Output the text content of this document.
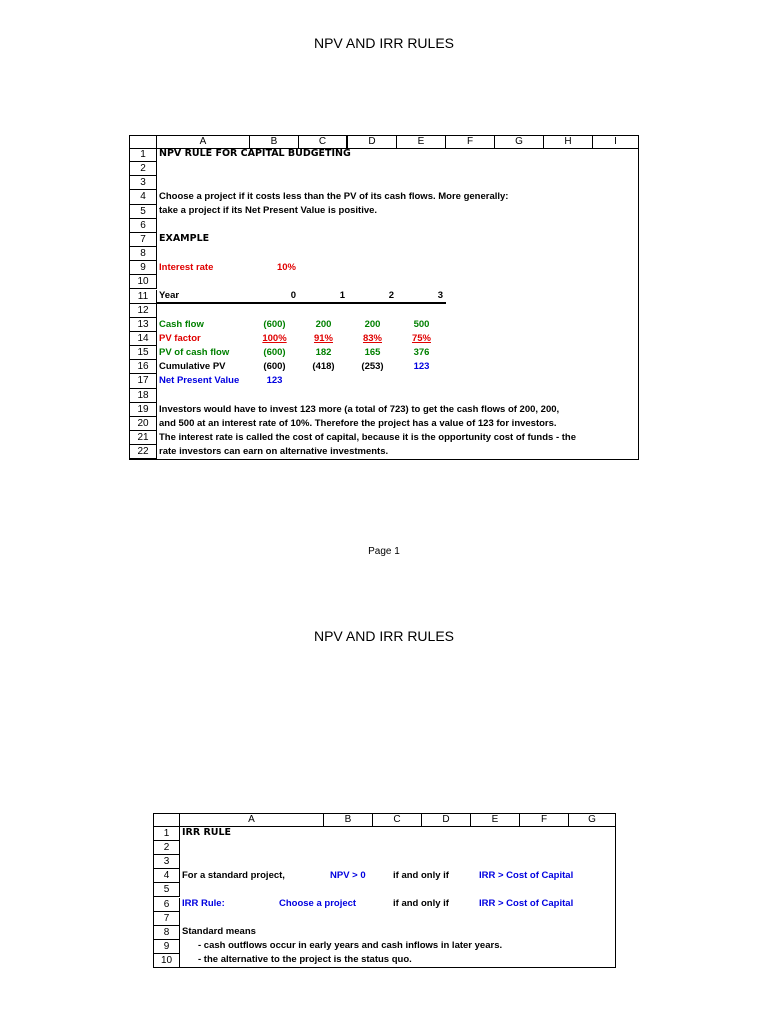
NPV AND IRR RULES
A	B	C	D	E	F	G	H	I
1
2
3
4
5
6
7
8
9
10
11
12
13
14
15
16
17
18
19
20
21
22
NPV RULE FOR CAPITAL BUDGETING
Choose a project if it costs less than the PV of its cash flows. More generally:
take a project if its Net Present Value is positive.
EXAMPLE
Interest rate	10%
Year	0	1	2	3
Cash flow	(600)	200	200	500
PV factor	100%	91%	83%	75%
PV of cash flow	(600)	182	165	376
Cumulative PV	(600)	(418)	(253)	123
Net Present Value	123
Investors would have to invest 123 more (a total of 723) to get the cash flows of 200, 200,
and 500 at an interest rate of 10%. Therefore the project has a value of 123 for investors.
The interest rate is called the cost of capital, because it is the opportunity cost of funds - the
rate investors can earn on alternative investments.
Page 1
NPV AND IRR RULES
A	B	C	D	E	F	G
1
2
3
4
5
6
7
8
9
10
IRR RULE
For a standard project,	NPV > 0	if and only if	IRR > Cost of Capital
IRR Rule:	Choose a project	if and only if	IRR > Cost of Capital
Standard means
- cash outflows occur in early years and cash inflows in later years.
- the alternative to the project is the status quo.
